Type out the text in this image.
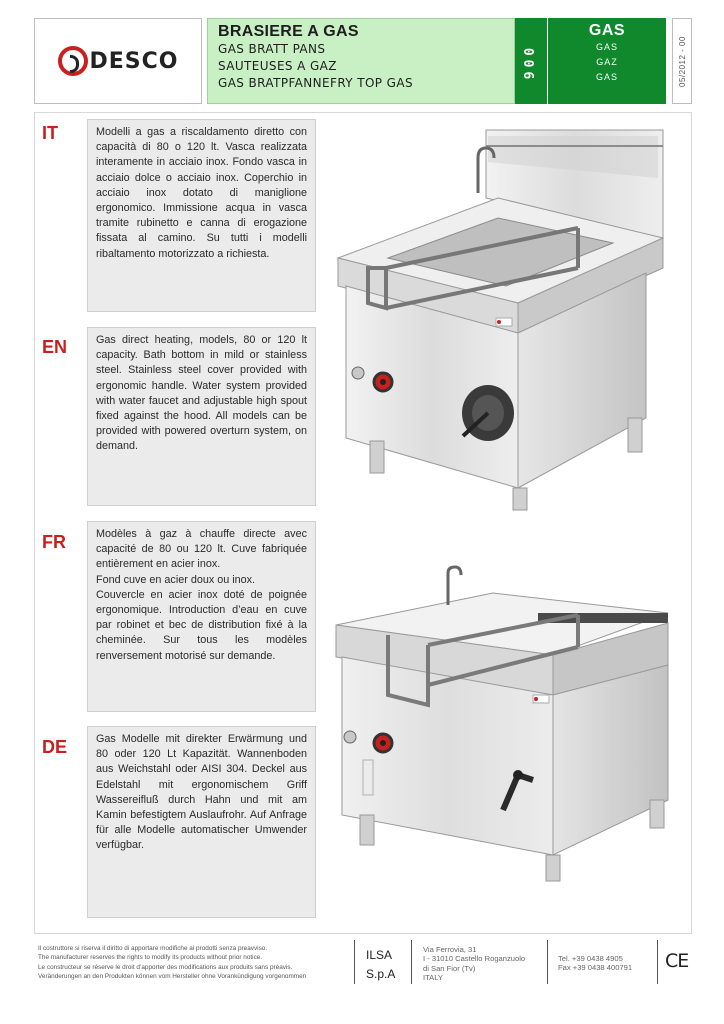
DESCO
BRASIERE A GAS
GAS BRATT PANS
SAUTEUSES A GAZ
GAS BRATPFANNEFRY TOP GAS
900
GAS
GAS
GAZ
GAS	05/2012 - 00
IT	Modelli a gas a riscaldamento diretto con capacità di 80 o 120 lt. Vasca realizzata interamente in acciaio inox. Fondo vasca in acciaio dolce o acciaio inox. Coperchio in acciaio inox dotato di maniglione ergonomico. Immissione acqua in vasca tramite rubinetto e canna di erogazione fissata al camino. Su tutti i modelli ribaltamento motorizzato a richiesta.

EN	Gas direct heating, models, 80 or 120 lt capacity. Bath bottom in mild or stainless steel. Stainless steel cover provided with ergonomic handle. Water system provided with water faucet and adjustable high spout fixed against the hood. All models can be provided with powered overturn system, on demand.

FR	Modèles à gaz à chauffe directe avec capacité de 80 ou 120 lt. Cuve fabriquée entièrement en acier inox.
Fond cuve en acier doux ou inox.
Couvercle en acier inox doté de poignée ergonomique. Introduction d’eau en cuve par robinet et bec de distribution fixé à la cheminée. Sur tous les modèles renversement motorisé sur demande.

DE	Gas Modelle mit direkter Erwärmung und 80 oder 120 Lt Kapazität. Wannenboden aus Weichstahl oder AISI 304. Deckel aus Edelstahl mit ergonomischem Griff Wassereifluß durch Hahn und mit am Kamin befestigtem Auslaufrohr. Auf Anfrage für alle Modelle automatischer Umwender verfügbar.

Il costruttore si riserva il diritto di apportare modifiche ai prodotti senza preavviso.
The manufacturer reserves the rights to modify its products without prior notice.
Le constructeur se réserve le droit d’apporter des modifications aux produits sans préavis.
Veränderungen an den Produkten können vom Hersteller ohne Vorankündigung vorgenommen
ILSA
S.p.A
Via Ferrovia, 31
I - 31010 Castello Roganzuolo
di San Fior (Tv)
ITALY
Tel. +39 0438 4905
Fax +39 0438 400791 CE
